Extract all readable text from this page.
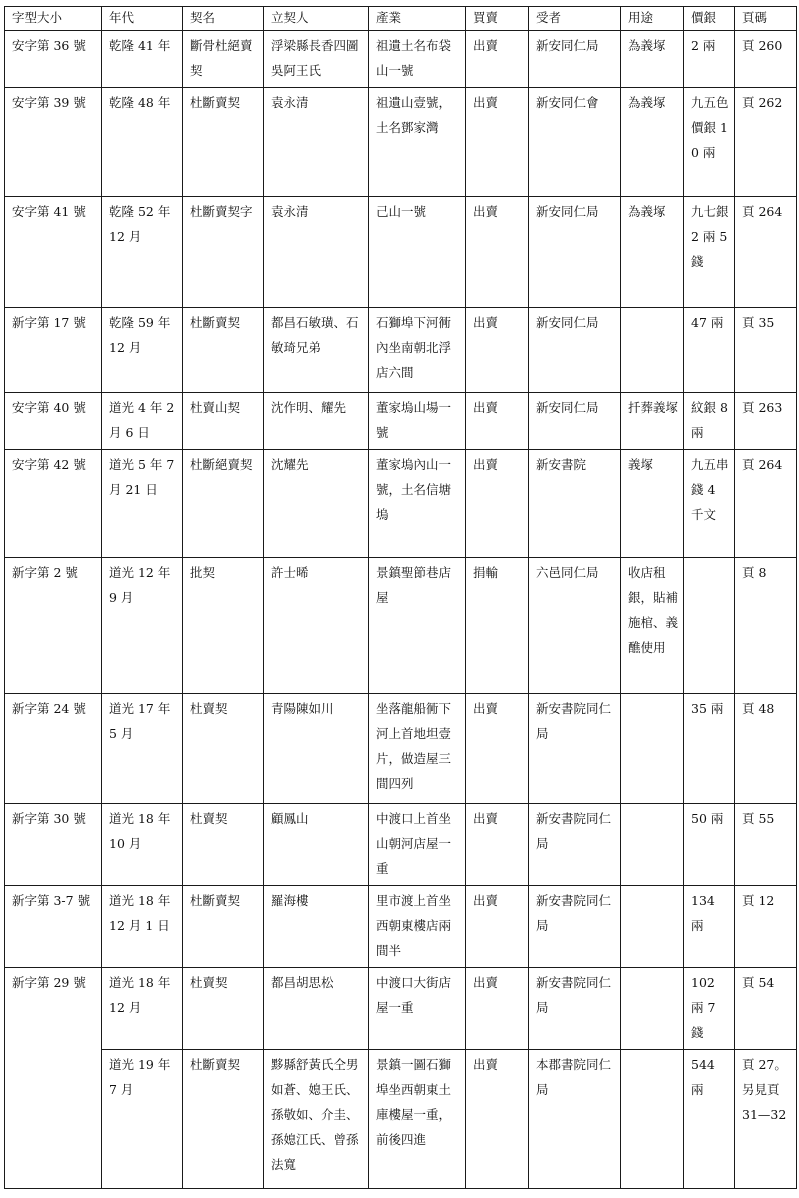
字型大小	年代	契名	立契人	產業	買賣	受者	用途	價銀	頁碼
安字第 36 號	乾隆 41 年	斷骨杜絕賣契	浮梁縣長香四圖吳阿王氏	祖遺土名布袋山一號	出賣	新安同仁局	為義塚	2 兩	頁 260
安字第 39 號	乾隆 48 年	杜斷賣契	袁永清	祖遺山壹號，土名鄧家灣	出賣	新安同仁會	為義塚	九五色價銀 10 兩	頁 262
安字第 41 號	乾隆 52 年 12 月	杜斷賣契字	袁永清	己山一號	出賣	新安同仁局	為義塚	九七銀 2 兩 5 錢	頁 264
新字第 17 號	乾隆 59 年 12 月	杜斷賣契	都昌石敏璜、石敏琦兄弟	石獅埠下河衕內坐南朝北浮店六間	出賣	新安同仁局		47 兩	頁 35
安字第 40 號	道光 4 年 2 月 6 日	杜賣山契	沈作明、耀先	董家塢山場一號	出賣	新安同仁局	扦葬義塚	紋銀 8 兩	頁 263
安字第 42 號	道光 5 年 7 月 21 日	杜斷絕賣契	沈耀先	董家塢內山一號，土名信塘塢	出賣	新安書院	義塚	九五串錢 4 千文	頁 264
新字第 2 號	道光 12 年 9 月	批契	許士晞	景鎮聖節巷店屋	捐輸	六邑同仁局	收店租銀，貼補施棺、義醮使用		頁 8
新字第 24 號	道光 17 年 5 月	杜賣契	青陽陳如川	坐落龍船衕下河上首地坦壹片，做造屋三間四列	出賣	新安書院同仁局		35 兩	頁 48
新字第 30 號	道光 18 年 10 月	杜賣契	顧鳳山	中渡口上首坐山朝河店屋一重	出賣	新安書院同仁局		50 兩	頁 55
新字第 3-7 號	道光 18 年 12 月 1 日	杜斷賣契	羅海樓	里市渡上首坐西朝東樓店兩間半	出賣	新安書院同仁局		134 兩	頁 12
新字第 29 號	道光 18 年 12 月	杜賣契	都昌胡思松	中渡口大街店屋一重	出賣	新安書院同仁局		102 兩 7 錢	頁 54
	道光 19 年 7 月	杜斷賣契	黟縣舒黃氏仝男如蒼、媳王氏、孫敬如、介圭、孫媳江氏、曾孫法寬	景鎮一圖石獅埠坐西朝東土庫樓屋一重，前後四進	出賣	本郡書院同仁局		544 兩	頁 27。另見頁 31—32
